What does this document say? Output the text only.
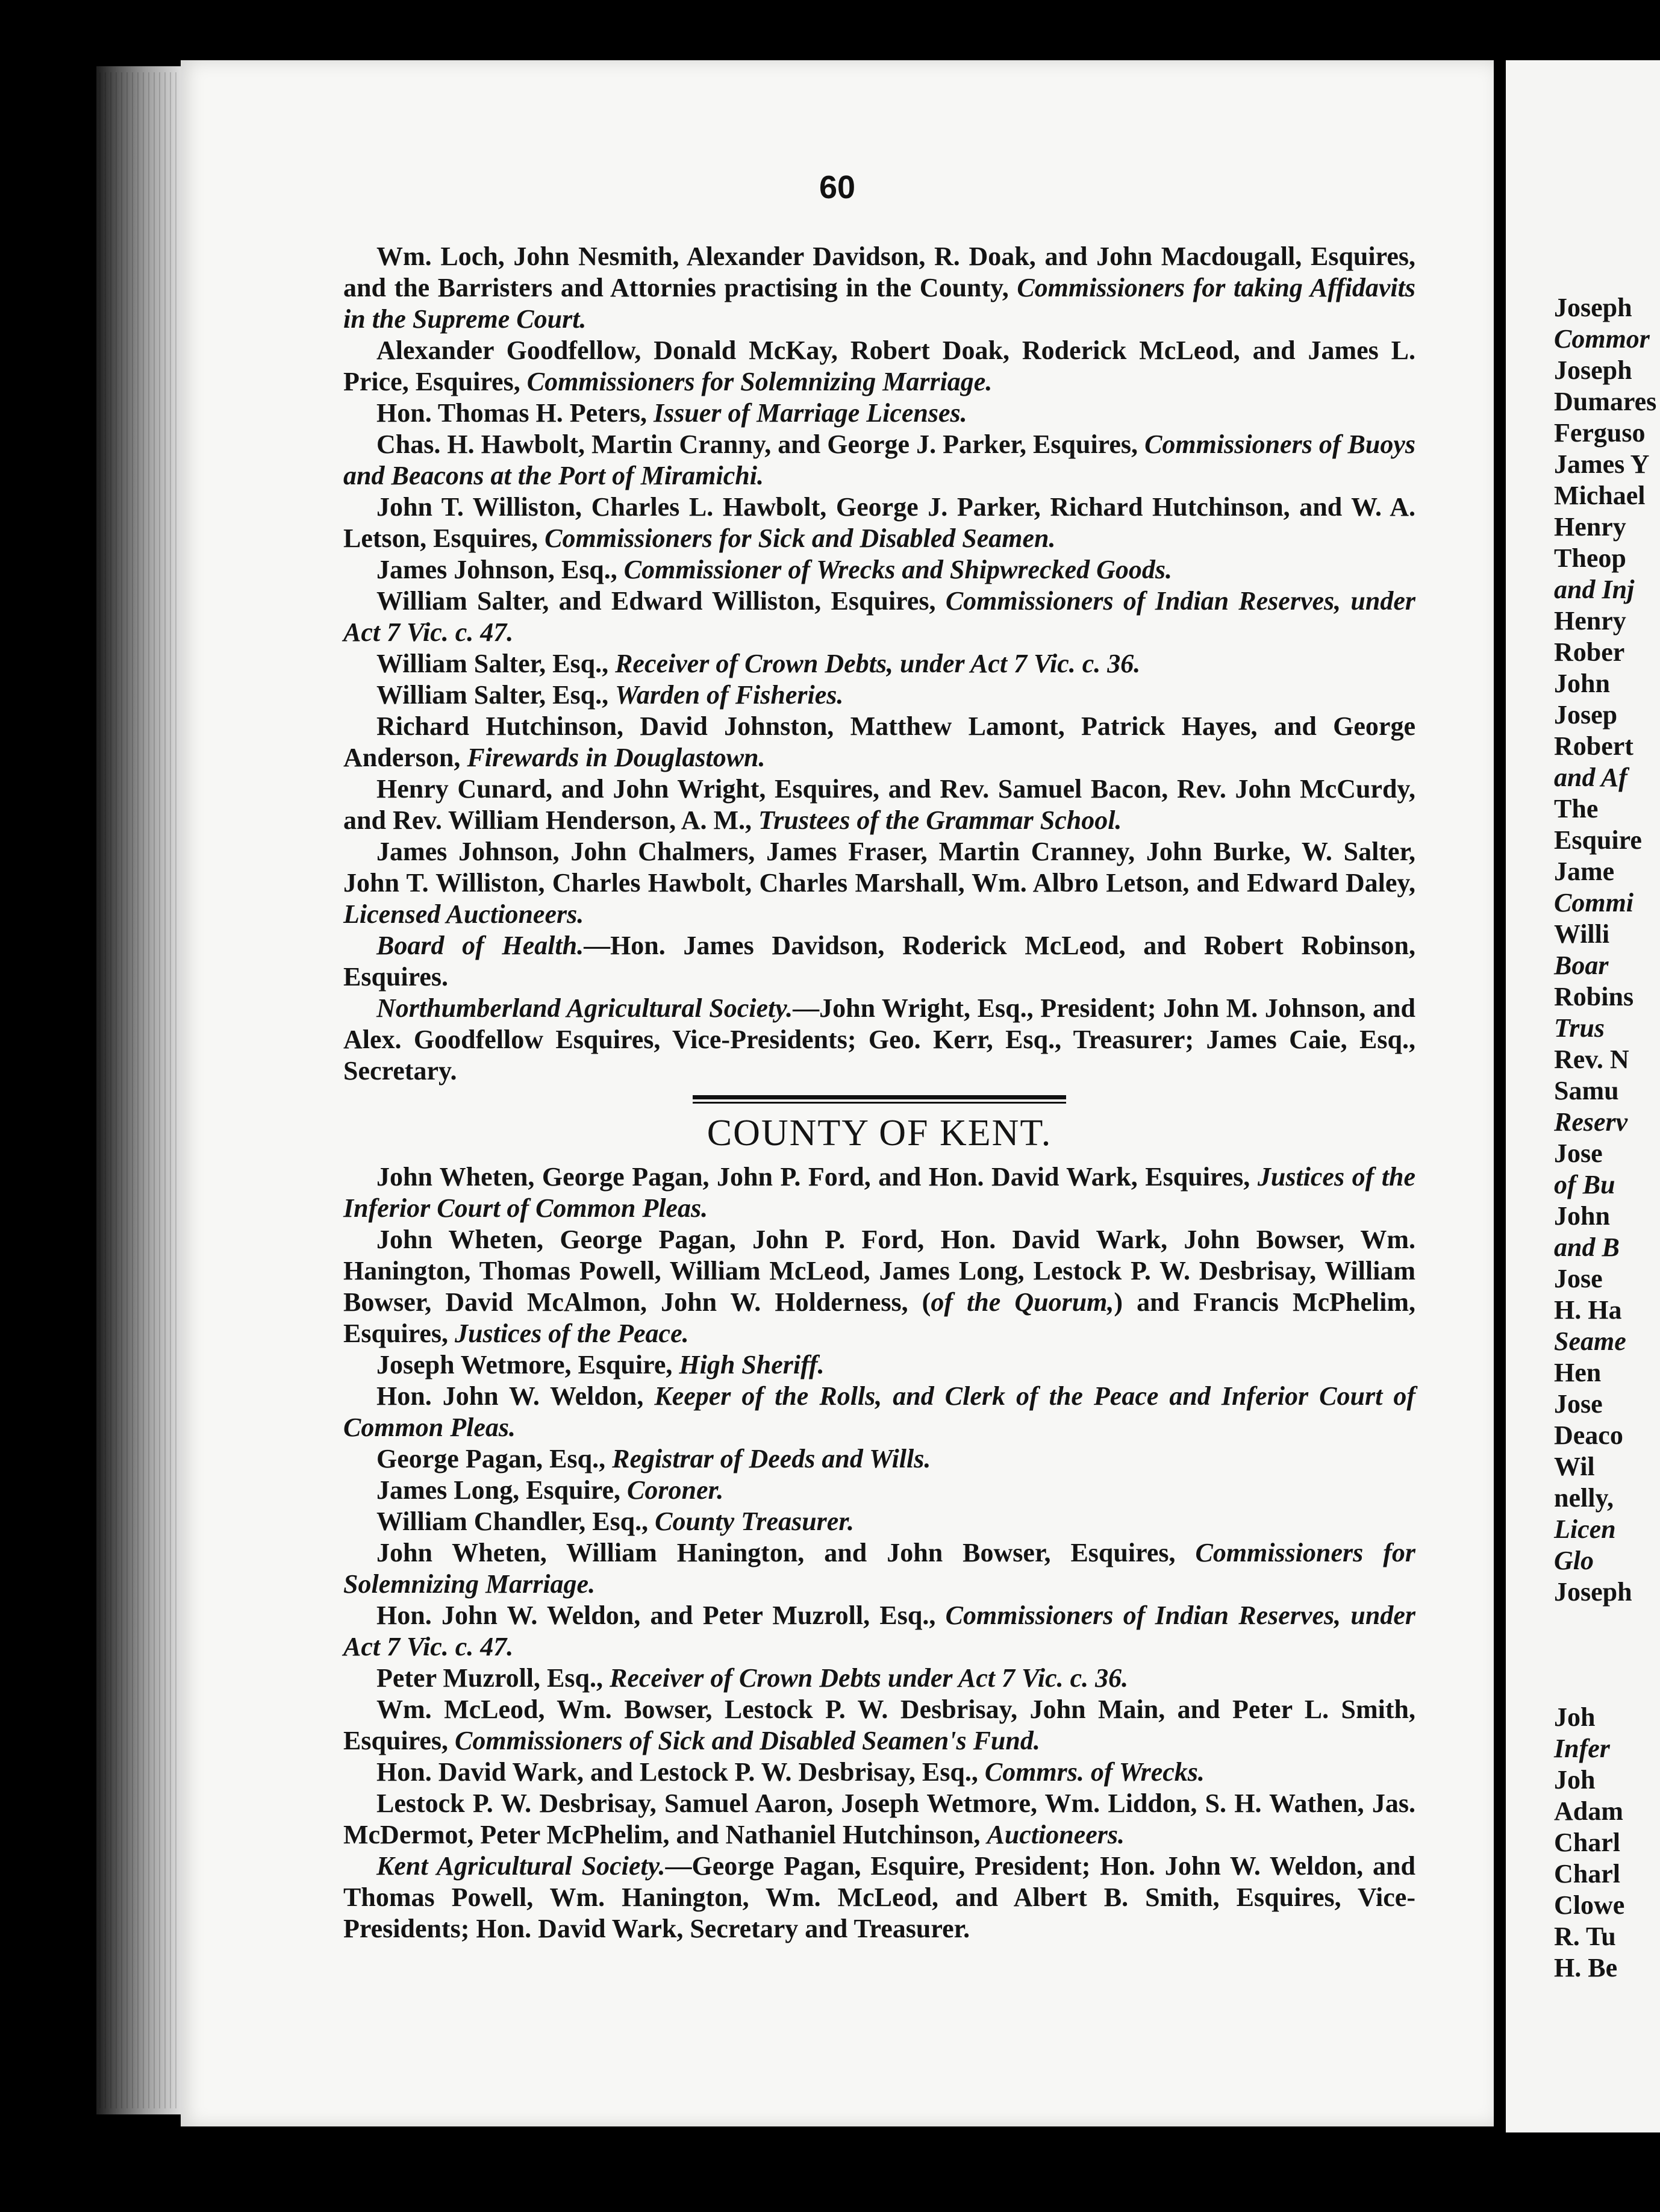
60

Wm. Loch, John Nesmith, Alexander Davidson, R. Doak, and John Macdougall, Esquires, and the Barristers and Attornies practising in the County, Commissioners for taking Affidavits in the Supreme Court.

Alexander Goodfellow, Donald McKay, Robert Doak, Roderick McLeod, and James L. Price, Esquires, Commissioners for Solemnizing Marriage.

Hon. Thomas H. Peters, Issuer of Marriage Licenses.

Chas. H. Hawbolt, Martin Cranny, and George J. Parker, Esquires, Commissioners of Buoys and Beacons at the Port of Miramichi.

John T. Williston, Charles L. Hawbolt, George J. Parker, Richard Hutchinson, and W. A. Letson, Esquires, Commissioners for Sick and Disabled Seamen.

James Johnson, Esq., Commissioner of Wrecks and Shipwrecked Goods.

William Salter, and Edward Williston, Esquires, Commissioners of Indian Reserves, under Act 7 Vic. c. 47.

William Salter, Esq., Receiver of Crown Debts, under Act 7 Vic. c. 36.

William Salter, Esq., Warden of Fisheries.

Richard Hutchinson, David Johnston, Matthew Lamont, Patrick Hayes, and George Anderson, Firewards in Douglastown.

Henry Cunard, and John Wright, Esquires, and Rev. Samuel Bacon, Rev. John McCurdy, and Rev. William Henderson, A. M., Trustees of the Grammar School.

James Johnson, John Chalmers, James Fraser, Martin Cranney, John Burke, W. Salter, John T. Williston, Charles Hawbolt, Charles Marshall, Wm. Albro Letson, and Edward Daley, Licensed Auctioneers.

Board of Health.—Hon. James Davidson, Roderick McLeod, and Robert Robinson, Esquires.

Northumberland Agricultural Society.—John Wright, Esq., President; John M. Johnson, and Alex. Goodfellow Esquires, Vice-Presidents; Geo. Kerr, Esq., Treasurer; James Caie, Esq., Secretary.

COUNTY OF KENT.

John Wheten, George Pagan, John P. Ford, and Hon. David Wark, Esquires, Justices of the Inferior Court of Common Pleas.

John Wheten, George Pagan, John P. Ford, Hon. David Wark, John Bowser, Wm. Hanington, Thomas Powell, William McLeod, James Long, Lestock P. W. Desbrisay, William Bowser, David McAlmon, John W. Holderness, (of the Quorum,) and Francis McPhelim, Esquires, Justices of the Peace.

Joseph Wetmore, Esquire, High Sheriff.

Hon. John W. Weldon, Keeper of the Rolls, and Clerk of the Peace and Inferior Court of Common Pleas.

George Pagan, Esq., Registrar of Deeds and Wills.

James Long, Esquire, Coroner.

William Chandler, Esq., County Treasurer.

John Wheten, William Hanington, and John Bowser, Esquires, Commissioners for Solemnizing Marriage.

Hon. John W. Weldon, and Peter Muzroll, Esq., Commissioners of Indian Reserves, under Act 7 Vic. c. 47.

Peter Muzroll, Esq., Receiver of Crown Debts under Act 7 Vic. c. 36.

Wm. McLeod, Wm. Bowser, Lestock P. W. Desbrisay, John Main, and Peter L. Smith, Esquires, Commissioners of Sick and Disabled Seamen's Fund.

Hon. David Wark, and Lestock P. W. Desbrisay, Esq., Commrs. of Wrecks.

Lestock P. W. Desbrisay, Samuel Aaron, Joseph Wetmore, Wm. Liddon, S. H. Wathen, Jas. McDermot, Peter McPhelim, and Nathaniel Hutchinson, Auctioneers.

Kent Agricultural Society.—George Pagan, Esquire, President; Hon. John W. Weldon, and Thomas Powell, Wm. Hanington, Wm. McLeod, and Albert B. Smith, Esquires, Vice-Presidents; Hon. David Wark, Secretary and Treasurer.

Joseph
Commor
Joseph
Dumares
Ferguso
James Y
Michael
Henry
Theop
and Inj
Henry
Rober
John
Josep
Robert
and Af
The
Esquire
Jame
Commi
Willi
Boar
Robins
Trus
Rev. N
Samu
Reserv
Jose
of Bu
John
and B
Jose
H. Ha
Seame
Hen
Jose
Deaco
Wil
nelly,
Licen
Glo
Joseph
Joh
Infer
Joh
Adam
Charl
Charl
Clowe
R. Tu
H. Be
